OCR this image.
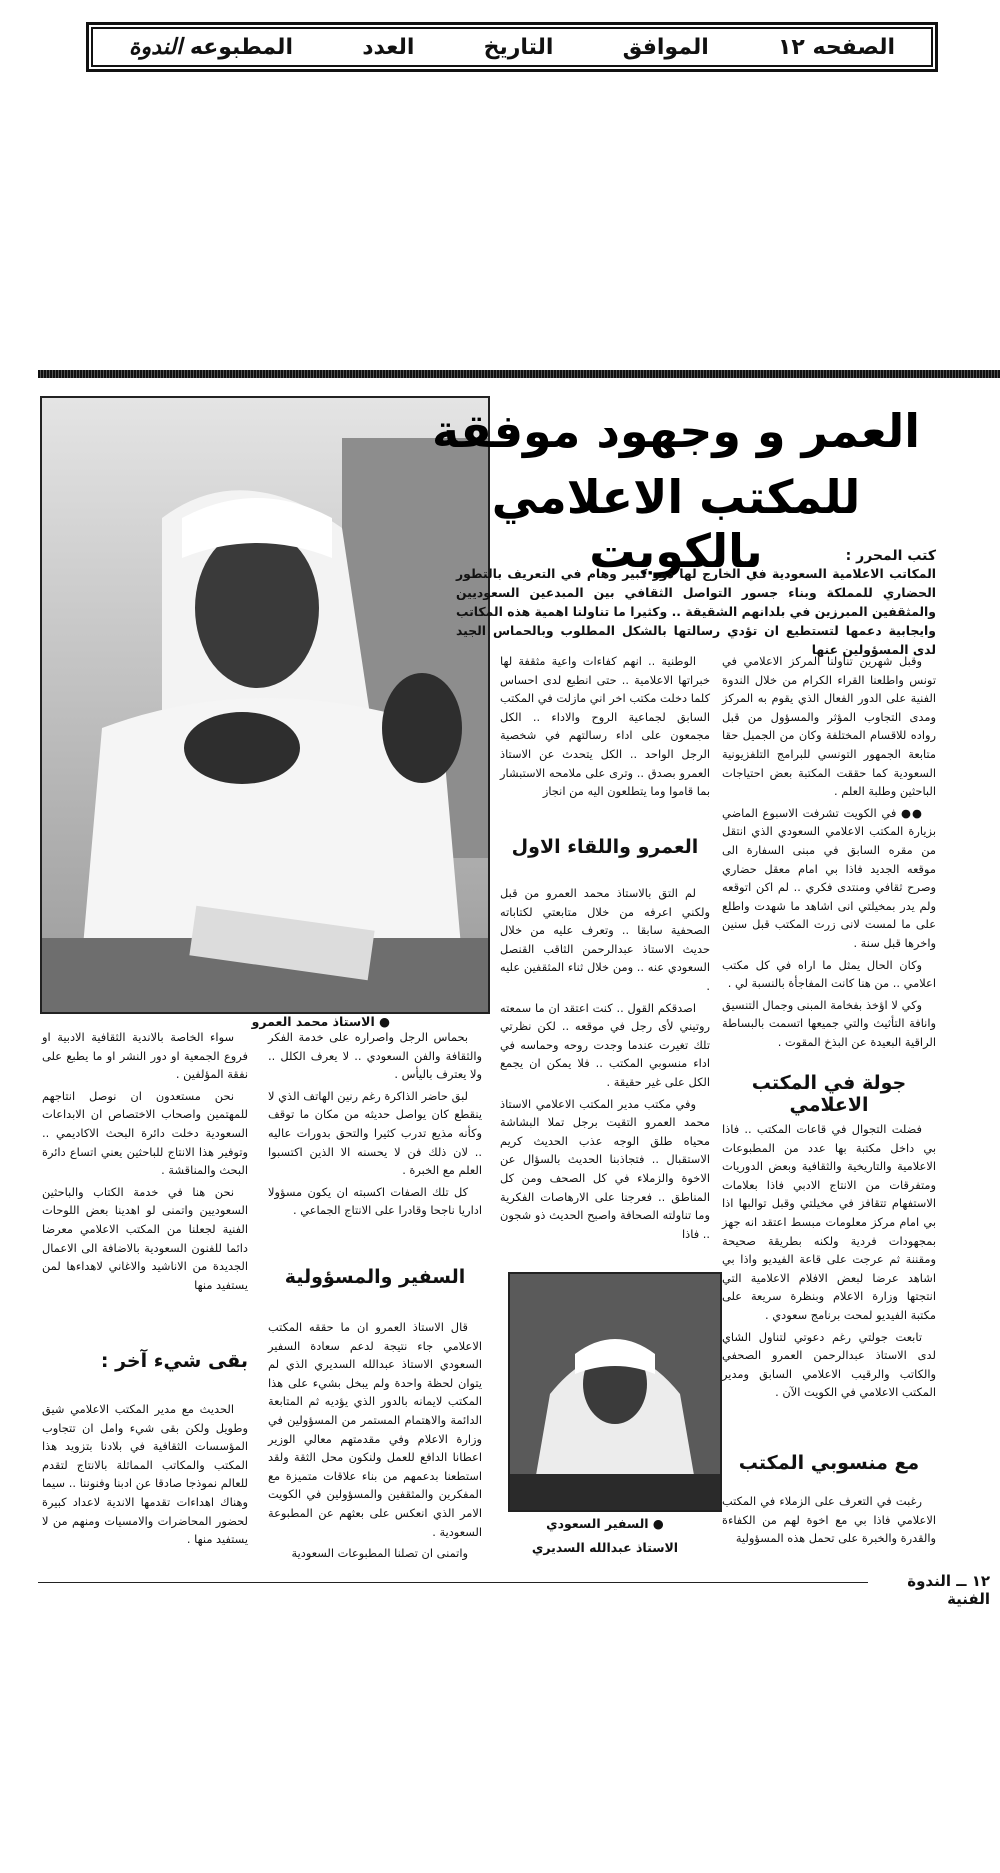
المطبوعه الندوة	العدد	التاريخ	الموافق	الصفحه ١٢
● الاستاذ محمد العمرو
العمر و وجهود موفقة
للمكتب الاعلامي بالكويت	كتب المحرر :
المكاتب الاعلامية السعودية في الخارج لها دور كبير وهام في التعريف بالتطور الحضاري للمملكة وبناء جسور التواصل الثقافي بين المبدعين السعوديين والمثقفين المبرزين في بلدانهم الشقيقة .. وكثيرا ما تناولنا اهمية هذه المكاتب وايجابية دعمها لتستطيع ان تؤدي رسالتها بالشكل المطلوب وبالحماس الجيد لدى المسؤولين عنها

وقبل شهرين تناولنا المركز الاعلامي في تونس واطلعنا القراء الكرام من خلال الندوة الفنية على الدور الفعال الذي يقوم به المركز ومدى التجاوب المؤثر والمسؤول من قبل رواده للاقسام المختلفة وكان من الجميل حقا متابعة الجمهور التونسي للبرامج التلفزيونية السعودية كما حققت المكتبة بعض احتياجات الباحثين وطلبة العلم .

●● في الكويت تشرفت الاسبوع الماضي بزيارة المكتب الاعلامي السعودي الذي انتقل من مقره السابق في مبنى السفارة الى موقعه الجديد فاذا بي امام معقل حضاري وصرح ثقافي ومنتدى فكري .. لم اكن اتوقعه ولم يدر بمخيلتي انى اشاهد ما شهدت واطلع على ما لمست لانى زرت المكتب قبل سنين واخرها قبل سنة .

وكان الحال يمثل ما اراه في كل مكتب اعلامي .. من هنا كانت المفاجأة بالنسبة لي .

وكي لا اؤخذ بفخامة المبنى وجمال التنسيق وانافة التأثيث والتي جميعها اتسمت بالبساطة الراقية البعيدة عن البذخ المقوت .

جولة في المكتب الاعلامي

فضلت التجوال في قاعات المكتب .. فاذا بي داخل مكتبة بها عدد من المطبوعات الاعلامية والتاريخية والثقافية وبعض الدوريات ومتفرقات من الانتاج الادبي فاذا بعلامات الاستفهام تتقافز في مخيلتي وقبل توالبها اذا بي امام مركز معلومات مبسط اعتقد انه جهز بمجهودات فردية ولكنه بطريقة صحيحة ومقننة ثم عرجت على قاعة الفيديو واذا بي اشاهد عرضا لبعض الافلام الاعلامية التي انتجتها وزارة الاعلام وبنظرة سريعة على مكتبة الفيديو لمحت برنامج سعودي .

تابعت جولتي رغم دعوتي لتناول الشاي لدى الاستاذ عبدالرحمن العمرو الصحفي والكاتب والرقيب الاعلامي السابق ومدير المكتب الاعلامي في الكويت الآن .

مع منسوبي المكتب

رغبت في التعرف على الزملاء في المكتب الاعلامي فاذا بي مع اخوة لهم من الكفاءة والقدرة والخبرة على تحمل هذه المسؤولية

الوطنية .. انهم كفاءات واعية مثقفة لها خبراتها الاعلامية .. حتى انطبع لدى احساس كلما دخلت مكتب اخر اني مازلت في المكتب السابق لجماعية الروح والاداء .. الكل مجمعون على اداء رسالتهم في شخصية الرجل الواحد .. الكل يتحدث عن الاستاذ العمرو بصدق .. وترى على ملامحه الاستبشار بما قاموا وما يتطلعون اليه من انجاز

العمرو واللقاء الاول

لم التق بالاستاذ محمد العمرو من قبل ولكني اعرفه من خلال متابعتي لكتاباته الصحفية سابقا .. وتعرف عليه من خلال حديث الاستاذ عبدالرحمن الثاقب القنصل السعودي عنه .. ومن خلال ثناء المثقفين عليه .

اصدقكم القول .. كنت اعتقد ان ما سمعته روتيني لأى رجل في موقعه .. لكن نظرتي تلك تغيرت عندما وجدت روحه وحماسه في اداء منسوبي المكتب .. فلا يمكن ان يجمع الكل على غير حقيقة .

وفي مكتب مدير المكتب الاعلامي الاستاذ محمد العمرو التقيت برجل تملا البشاشة محياه طلق الوجه عذب الحديث كريم الاستقبال .. فتجاذبنا الحديث بالسؤال عن الاخوة والزملاء في كل الصحف ومن كل المناطق .. فعرجنا على الارهاصات الفكرية وما تناولته الصحافة واصبح الحديث ذو شجون .. فاذا

● السفير السعودي
الاستاذ عبدالله السديري

بحماس الرجل واصراره على خدمة الفكر والثقافة والفن السعودي .. لا يعرف الكلل .. ولا يعترف باليأس .

لبق حاضر الذاكرة رغم رنين الهاتف الذي لا ينقطع كان يواصل حديثه من مكان ما توقف وكأنه مذيع تدرب كثيرا والتحق بدورات عاليه .. لان ذلك فن لا يحسنه الا الذين اكتسبوا العلم مع الخبرة .

كل تلك الصفات اكسبته ان يكون مسؤولا اداريا ناجحا وقادرا على الانتاج الجماعي .

السفير والمسؤولية

قال الاستاذ العمرو ان ما حققه المكتب الاعلامي جاء نتيجة لدعم سعادة السفير السعودي الاستاذ عبدالله السديري الذي لم يتوان لحظة واحدة ولم يبخل بشيء على هذا المكتب لايمانه بالدور الذي يؤديه ثم المتابعة الدائمة والاهتمام المستمر من المسؤولين في وزارة الاعلام وفي مقدمتهم معالي الوزير اعطانا الدافع للعمل ولنكون محل الثقة ولقد استطعنا بدعمهم من بناء علاقات متميزة مع المفكرين والمثقفين والمسؤولين في الكويت الامر الذي انعكس على بعثهم عن المطبوعة السعودية .

واتمنى ان تصلنا المطبوعات السعودية

سواء الخاصة بالاندية الثقافية الادبية او فروع الجمعية او دور النشر او ما يطبع على نفقة المؤلفين .

نحن مستعدون ان نوصل انتاجهم للمهتمين واصحاب الاختصاص ان الابداعات السعودية دخلت دائرة البحث الاكاديمي .. وتوفير هذا الانتاج للباحثين يعني اتساع دائرة البحث والمناقشة .

نحن هنا في خدمة الكتاب والباحثين السعوديين واتمنى لو اهدينا بعض اللوحات الفنية لجعلنا من المكتب الاعلامي معرضا دائما للفنون السعودية بالاضافة الى الاعمال الجديدة من الاناشيد والاغاني لاهداءها لمن يستفيد منها

بقى شيء آخر :

الحديث مع مدير المكتب الاعلامي شيق وطويل ولكن بقى شيء وامل ان تتجاوب المؤسسات الثقافية في بلادنا بتزويد هذا المكتب والمكاتب المماثلة بالانتاج لتقدم للعالم نموذجا صادقا عن ادبنا وفنوننا .. سيما وهناك اهداءات تقدمها الاندية لاعداد كبيرة لحضور المحاضرات والامسيات ومنهم من لا يستفيد منها .

١٢ ــ الندوة الفنية
